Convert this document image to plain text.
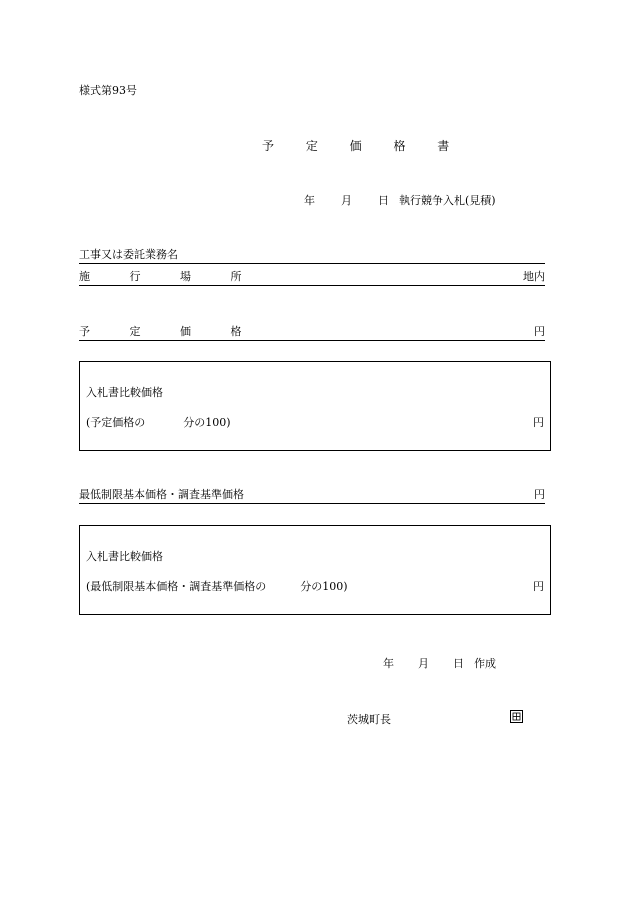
様式第93号
予 定 価 格 書
年 月 日 執行競争入札(見積)
工事又は委託業務名
施 行 場 所	地内
予 定 価 格	円
入札書比較価格
(予定価格の	分の100)	円
最低制限基本価格・調査基準価格	円
入札書比較価格
(最低制限基本価格・調査基準価格の	分の100)	円
年 月 日 作成
茨城町長
